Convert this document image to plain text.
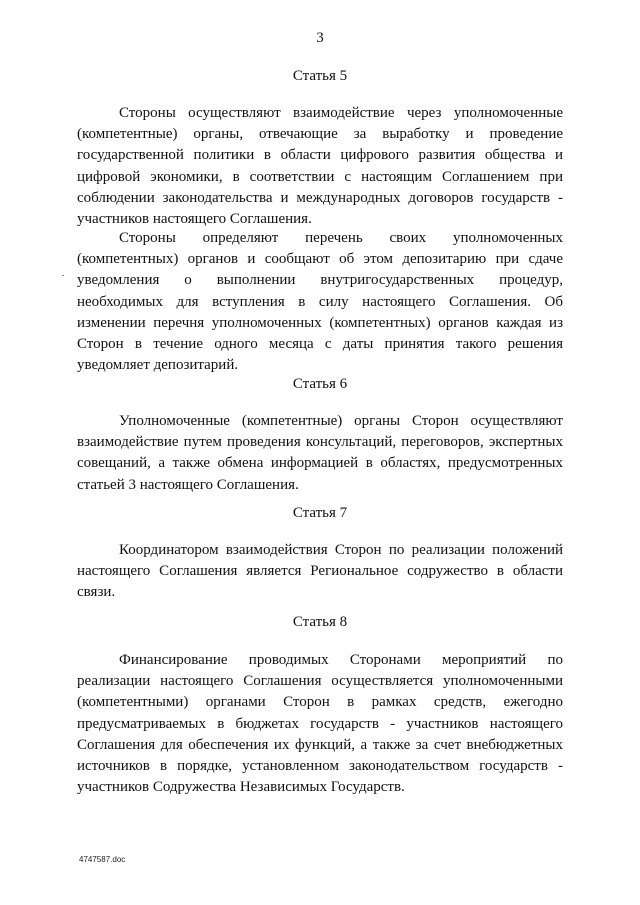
3
Статья 5
Стороны осуществляют взаимодействие через уполномоченные (компетентные) органы, отвечающие за выработку и проведение государственной политики в области цифрового развития общества и цифровой экономики, в соответствии с настоящим Соглашением при соблюдении законодательства и международных договоров государств - участников настоящего Соглашения.
Стороны определяют перечень своих уполномоченных (компетентных) органов и сообщают об этом депозитарию при сдаче уведомления о выполнении внутригосударственных процедур, необходимых для вступления в силу настоящего Соглашения. Об изменении перечня уполномоченных (компетентных) органов каждая из Сторон в течение одного месяца с даты принятия такого решения уведомляет депозитарий.
Статья 6
Уполномоченные (компетентные) органы Сторон осуществляют взаимодействие путем проведения консультаций, переговоров, экспертных совещаний, а также обмена информацией в областях, предусмотренных статьей 3 настоящего Соглашения.
Статья 7
Координатором взаимодействия Сторон по реализации положений настоящего Соглашения является Региональное содружество в области связи.
Статья 8
Финансирование проводимых Сторонами мероприятий по реализации настоящего Соглашения осуществляется уполномоченными (компетентными) органами Сторон в рамках средств, ежегодно предусматриваемых в бюджетах государств - участников настоящего Соглашения для обеспечения их функций, а также за счет внебюджетных источников в порядке, установленном законодательством государств - участников Содружества Независимых Государств.
4747587.doc
